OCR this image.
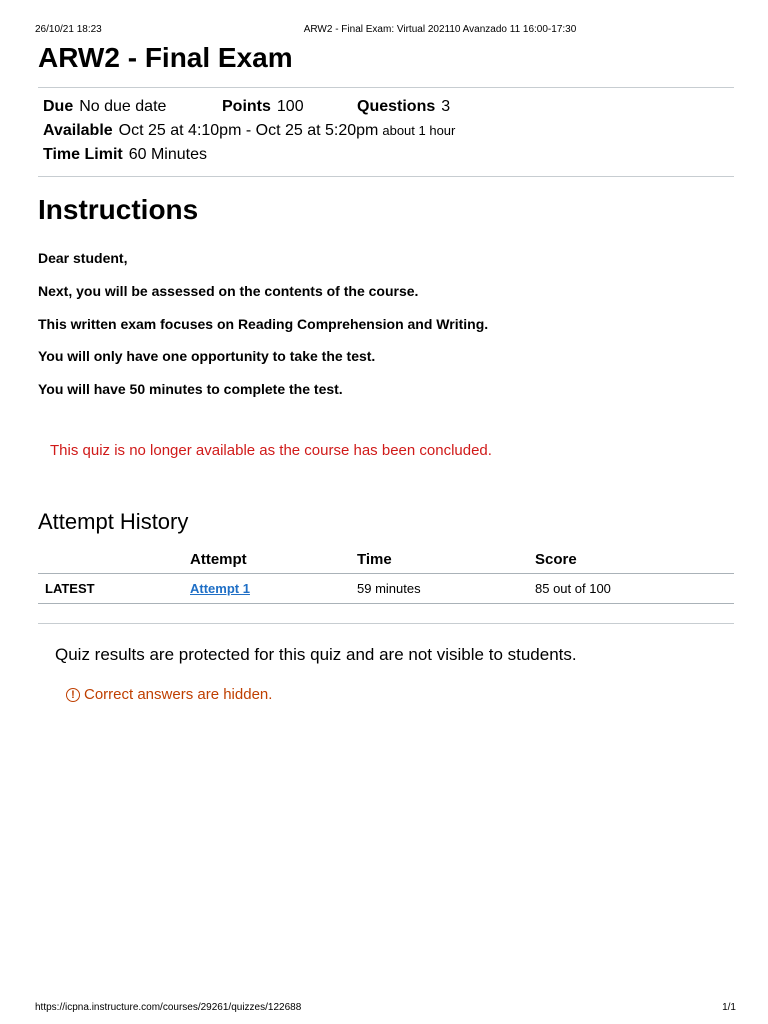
26/10/21 18:23	ARW2 - Final Exam: Virtual 202110 Avanzado 11 16:00-17:30
ARW2 - Final Exam
Due No due date	Points 100	Questions 3
Available Oct 25 at 4:10pm - Oct 25 at 5:20pm about 1 hour
Time Limit 60 Minutes
Instructions

Dear student,

Next, you will be assessed on the contents of the course.

This written exam focuses on Reading Comprehension and Writing.

You will only have one opportunity to take the test.

You will have 50 minutes to complete the test.

This quiz is no longer available as the course has been concluded.
Attempt History
	Attempt	Time	Score
LATEST	Attempt 1	59 minutes	85 out of 100
Quiz results are protected for this quiz and are not visible to students.
! Correct answers are hidden.
https://icpna.instructure.com/courses/29261/quizzes/122688	1/1
